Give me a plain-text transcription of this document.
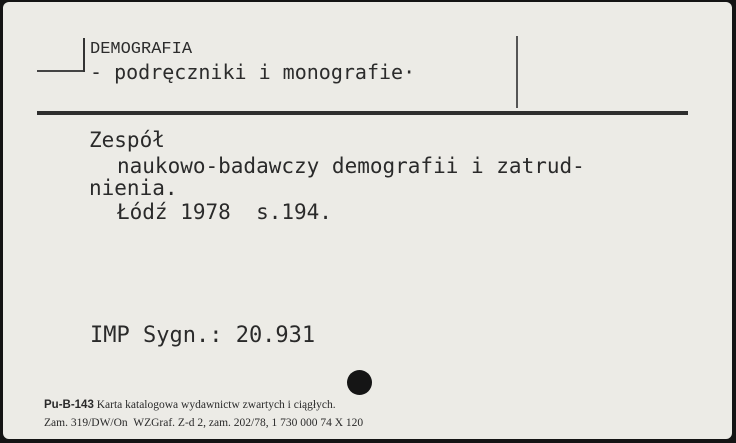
DEMOGRAFIA
- podręczniki i monografie·
Zespół
naukowo-badawczy demografii i zatrud-
nienia.
Łódź 1978  s.194.
IMP Sygn.: 20.931
Pu-B-143 Karta katalogowa wydawnictw zwartych i ciągłych.
Zam. 319/DW/On  WZGraf. Z-d 2, zam. 202/78, 1 730 000 74 X 120
